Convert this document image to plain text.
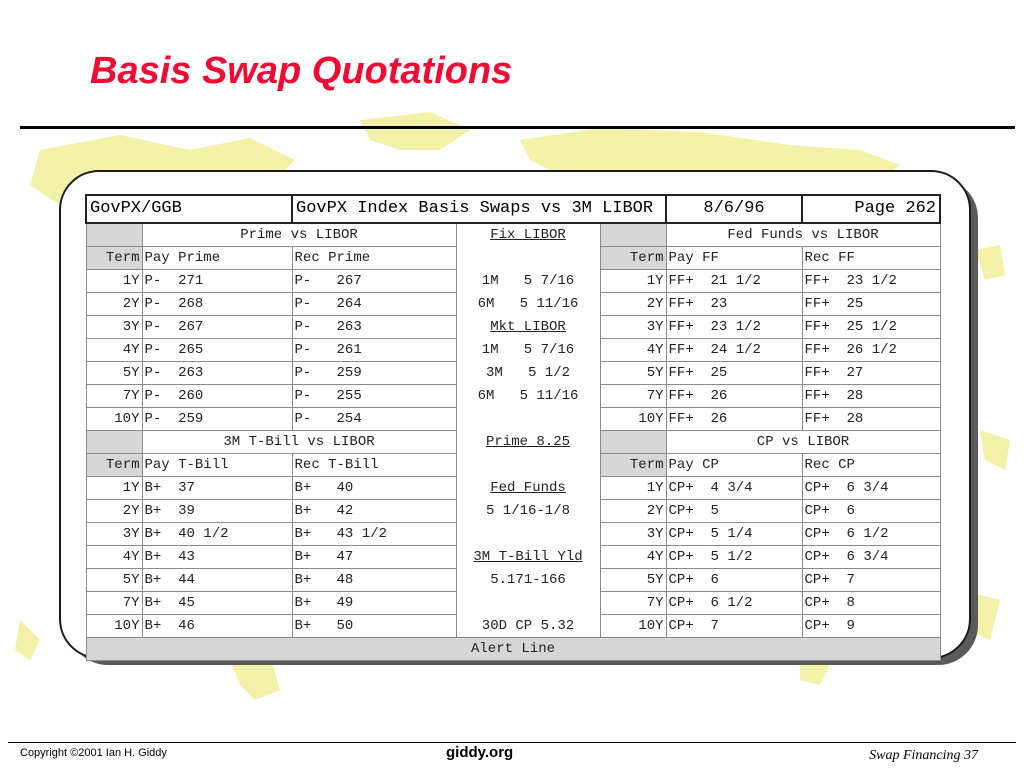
Basis Swap Quotations
GovPX/GGB		GovPX Index Basis Swaps vs 3M LIBOR			8/6/96	Page 262
	Prime vs LIBOR		Fix LIBOR		Fed Funds vs LIBOR	
Term	Pay Prime	Rec Prime		Term	Pay FF	Rec FF
1Y	P-  271	P-   267	1M   5 7/16	1Y	FF+  21 1/2	FF+  23 1/2
2Y	P-  268	P-   264	6M   5 11/16	2Y	FF+  23	FF+  25
3Y	P-  267	P-   263	Mkt LIBOR	3Y	FF+  23 1/2	FF+  25 1/2
4Y	P-  265	P-   261	1M   5 7/16	4Y	FF+  24 1/2	FF+  26 1/2
5Y	P-  263	P-   259	3M   5 1/2	5Y	FF+  25	FF+  27
7Y	P-  260	P-   255	6M   5 11/16	7Y	FF+  26	FF+  28
10Y	P-  259	P-   254		10Y	FF+  26	FF+  28
	3M T-Bill vs LIBOR		Prime 8.25		CP vs LIBOR	
Term	Pay T-Bill	Rec T-Bill		Term	Pay CP	Rec CP
1Y	B+  37	B+   40	Fed Funds	1Y	CP+  4 3/4	CP+  6 3/4
2Y	B+  39	B+   42	5 1/16-1/8	2Y	CP+  5	CP+  6
3Y	B+  40 1/2	B+   43 1/2		3Y	CP+  5 1/4	CP+  6 1/2
4Y	B+  43	B+   47	3M T-Bill Yld	4Y	CP+  5 1/2	CP+  6 3/4
5Y	B+  44	B+   48	5.171-166	5Y	CP+  6	CP+  7
7Y	B+  45	B+   49		7Y	CP+  6 1/2	CP+  8
10Y	B+  46	B+   50	30D CP 5.32	10Y	CP+  7	CP+  9
Alert Line						
Copyright ©2001 Ian H. Giddy	giddy.org	Swap Financing 37
